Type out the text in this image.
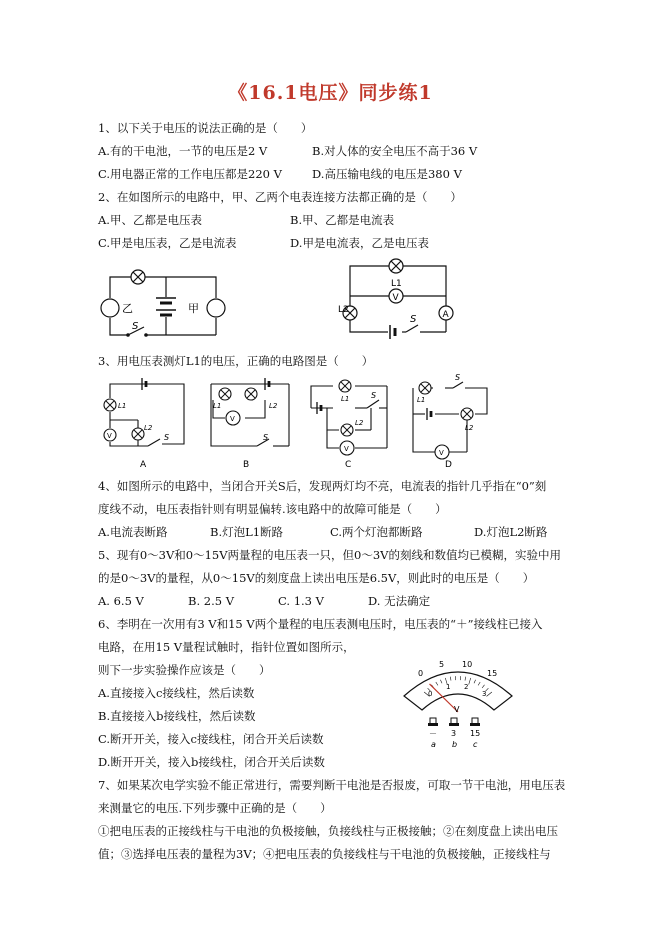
《16.1电压》同步练1
1、以下关于电压的说法正确的是（　　）
A.有的干电池，一节的电压是2 V	B.对人体的安全电压不高于36 V
C.用电器正常的工作电压都是220 V	D.高压输电线的电压是380 V
2、在如图所示的电路中，甲、乙两个电表连接方法都正确的是（　　）
A.甲、乙都是电压表	B.甲、乙都是电流表
C.甲是电压表，乙是电流表	D.甲是电流表，乙是电压表
乙	甲
S
V
A
L1
L2
S
3、用电压表测灯L1的电压，正确的电路图是（　　）
V
L1
L2
S
A
V
L1	L2
S
B
V
L1
L2
S
C
V
L1
L2
S
D
4、如图所示的电路中，当闭合开关S后，发现两灯均不亮，电流表的指针几乎指在“0”刻
度线不动，电压表指针则有明显偏转.该电路中的故障可能是（　　）
A.电流表断路	B.灯泡L1断路	C.两个灯泡都断路	D.灯泡L2断路
5、现有0～3V和0～15V两量程的电压表一只，但0～3V的刻线和数值均已模糊，实验中用
的是0～3V的量程，从0～15V的刻度盘上读出电压是6.5V，则此时的电压是（　　）
A. 6.5 V	B. 2.5 V	C. 1.3 V	D. 无法确定
6、李明在一次用有3 V和15 V两个量程的电压表测电压时，电压表的“＋”接线柱已接入
电路，在用15 V量程试触时，指针位置如图所示，
则下一步实验操作应该是（　　）
A.直接接入c接线柱，然后读数
B.直接接入b接线柱，然后读数
C.断开开关，接入c接线柱，闭合开关后读数
D.断开开关，接入b接线柱，闭合开关后读数
0
5 10
15
0
1 2
3
V
－ 3 15
a b c
7、如果某次电学实验不能正常进行，需要判断干电池是否报废，可取一节干电池，用电压表
来测量它的电压.下列步骤中正确的是（　　）
①把电压表的正接线柱与干电池的负极接触，负接线柱与正极接触；②在刻度盘上读出电压
值；③选择电压表的量程为3V；④把电压表的负接线柱与干电池的负极接触，正接线柱与
